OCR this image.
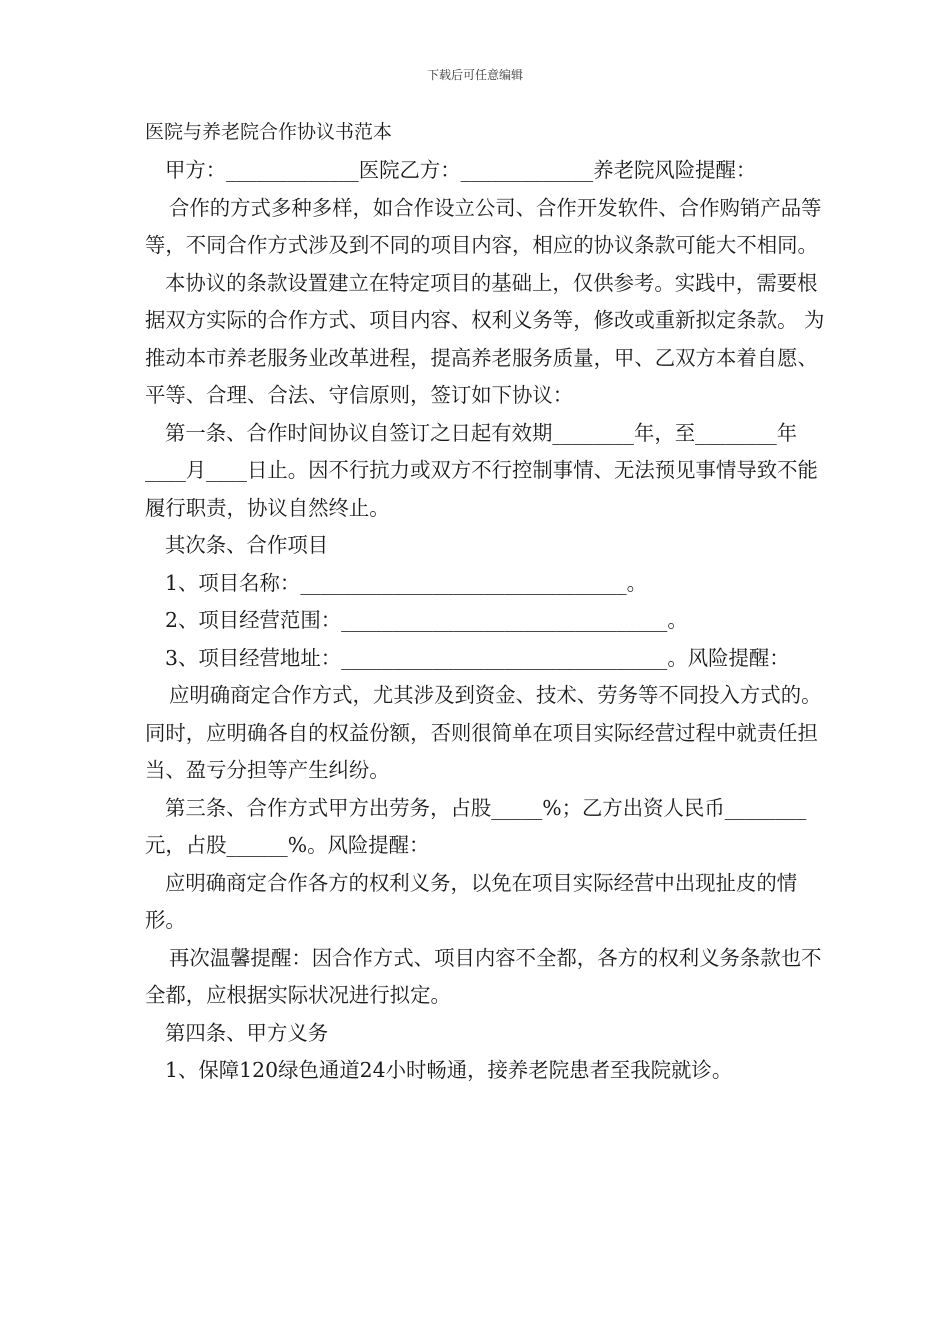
下载后可任意编辑
医院与养老院合作协议书范本

甲方：_____________医院乙方：_____________养老院风险提醒：

合作的方式多种多样，如合作设立公司、合作开发软件、合作购销产品等等，不同合作方式涉及到不同的项目内容，相应的协议条款可能大不相同。

本协议的条款设置建立在特定项目的基础上，仅供参考。实践中，需要根据双方实际的合作方式、项目内容、权利义务等，修改或重新拟定条款。 为推动本市养老服务业改革进程，提高养老服务质量，甲、乙双方本着自愿、平等、合理、合法、守信原则，签订如下协议：

第一条、合作时间协议自签订之日起有效期________年，至________年____月____日止。因不行抗力或双方不行控制事情、无法预见事情导致不能履行职责，协议自然终止。

其次条、合作项目

1、项目名称：________________________________。

2、项目经营范围：________________________________。

3、项目经营地址：________________________________。风险提醒：

应明确商定合作方式，尤其涉及到资金、技术、劳务等不同投入方式的。同时，应明确各自的权益份额，否则很简单在项目实际经营过程中就责任担当、盈亏分担等产生纠纷。

第三条、合作方式甲方出劳务，占股_____%；乙方出资人民币________元，占股______%。风险提醒：

应明确商定合作各方的权利义务，以免在项目实际经营中出现扯皮的情形。

再次温馨提醒：因合作方式、项目内容不全都，各方的权利义务条款也不全都，应根据实际状况进行拟定。

第四条、甲方义务

1、保障120绿色通道24小时畅通，接养老院患者至我院就诊。
